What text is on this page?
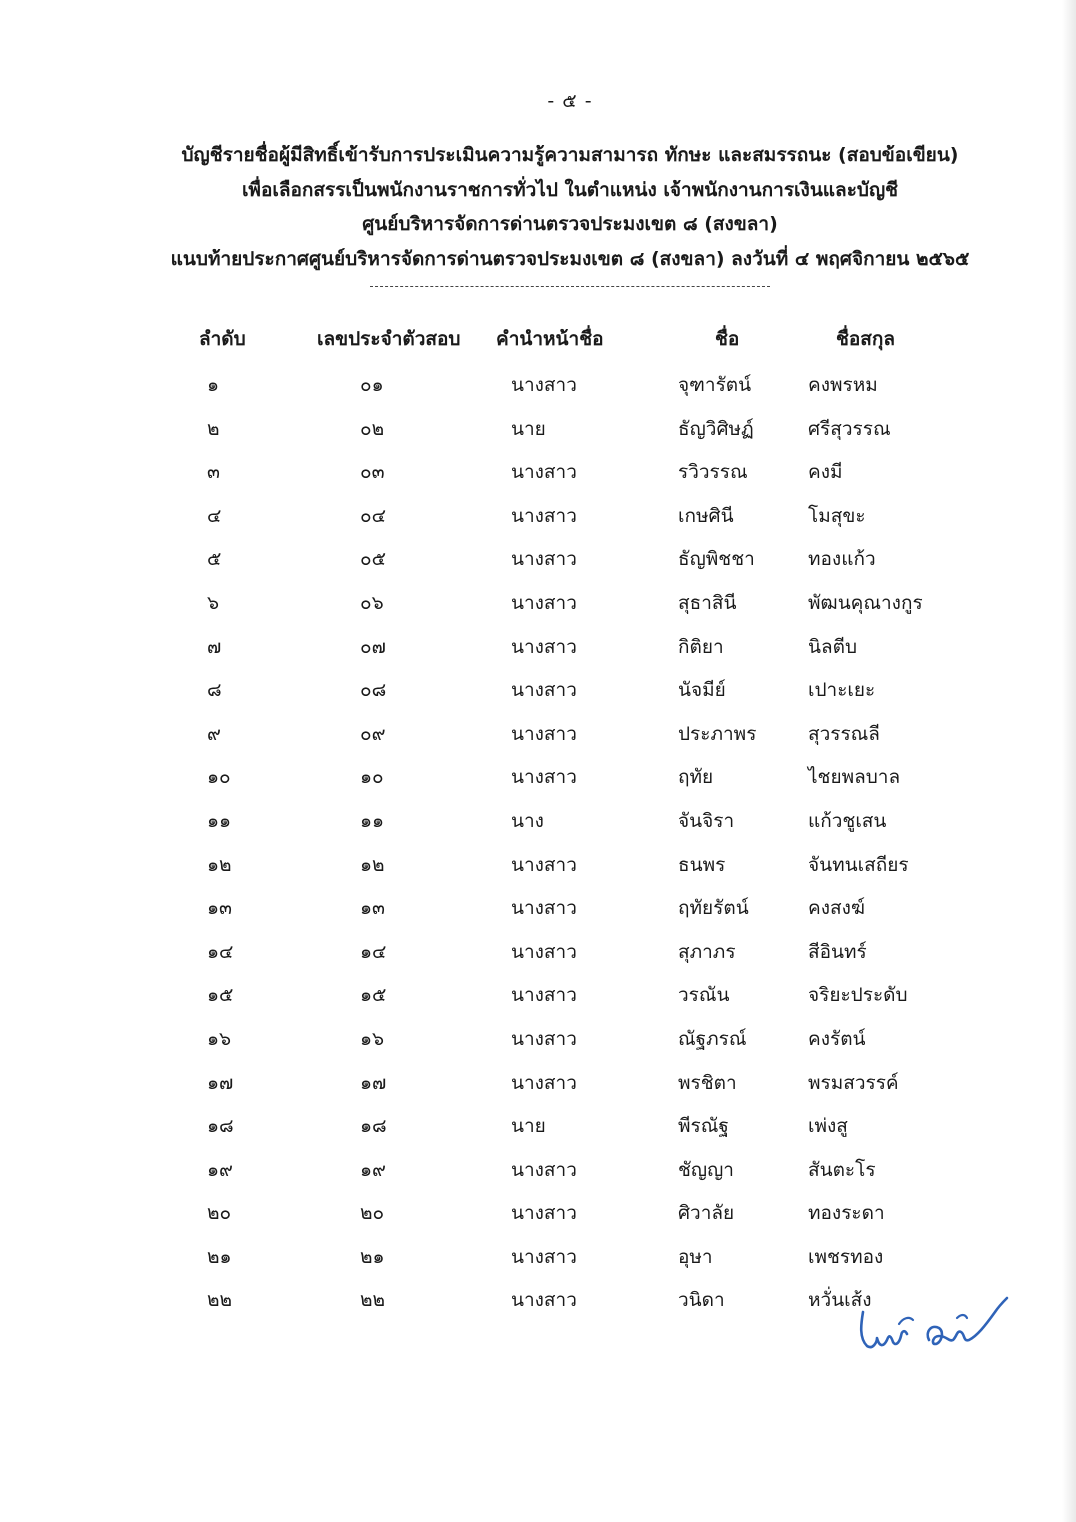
- ๕ -
บัญชีรายชื่อผู้มีสิทธิ์เข้ารับการประเมินความรู้ความสามารถ ทักษะ และสมรรถนะ (สอบข้อเขียน)
เพื่อเลือกสรรเป็นพนักงานราชการทั่วไป ในตำแหน่ง เจ้าพนักงานการเงินและบัญชี
ศูนย์บริหารจัดการด่านตรวจประมงเขต ๘ (สงขลา)
แนบท้ายประกาศศูนย์บริหารจัดการด่านตรวจประมงเขต ๘ (สงขลา) ลงวันที่ ๔ พฤศจิกายน ๒๕๖๕
ลำดับ	เลขประจำตัวสอบ คำนำหน้าชื่อ	ชื่อ	ชื่อสกุล
๑	๐๑	นางสาว	จุฑารัตน์	คงพรหม
๒	๐๒	นาย	ธัญวิศิษฏ์	ศรีสุวรรณ
๓	๐๓	นางสาว	รวิวรรณ	คงมี
๔	๐๔	นางสาว	เกษศินี	โมสุขะ
๕	๐๕	นางสาว	ธัญพิชชา	ทองแก้ว
๖	๐๖	นางสาว	สุธาสินี	พัฒนคุณางกูร
๗	๐๗	นางสาว	กิติยา	นิลตีบ
๘	๐๘	นางสาว	นัจมีย์	เปาะเยะ
๙	๐๙	นางสาว	ประภาพร	สุวรรณลี
๑๐	๑๐	นางสาว	ฤทัย	ไชยพลบาล
๑๑	๑๑	นาง	จันจิรา	แก้วชูเสน
๑๒	๑๒	นางสาว	ธนพร	จันทนเสถียร
๑๓	๑๓	นางสาว	ฤทัยรัตน์	คงสงฆ์
๑๔	๑๔	นางสาว	สุภาภร	สีอินทร์
๑๕	๑๕	นางสาว	วรณัน	จริยะประดับ
๑๖	๑๖	นางสาว	ณัฐภรณ์	คงรัตน์
๑๗	๑๗	นางสาว	พรชิตา	พรมสวรรค์
๑๘	๑๘	นาย	พีรณัฐ	เพ่งสู
๑๙	๑๙	นางสาว	ชัญญา	สันตะโร
๒๐	๒๐	นางสาว	ศิวาลัย	ทองระดา
๒๑	๒๑	นางสาว	อุษา	เพชรทอง
๒๒	๒๒	นางสาว	วนิดา	หวั่นเส้ง
